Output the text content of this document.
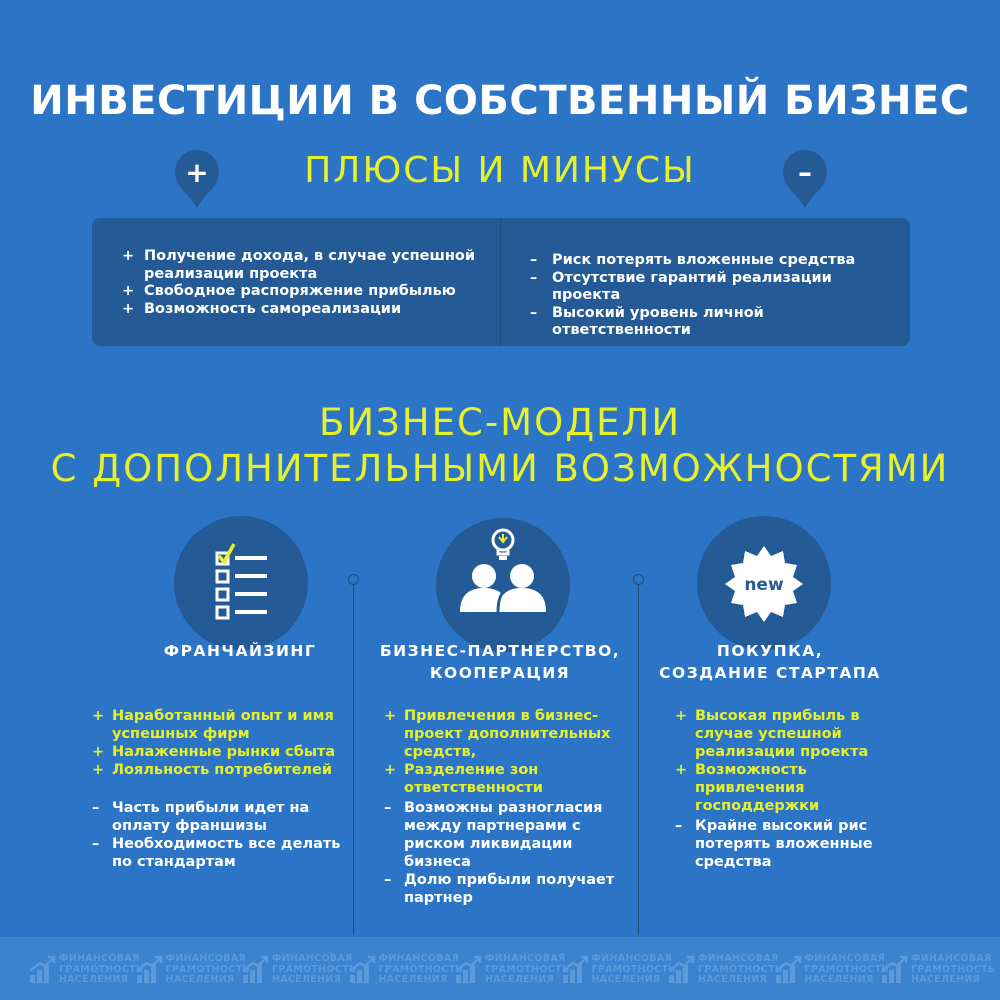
ИНВЕСТИЦИИ В СОБСТВЕННЫЙ БИЗНЕС
+	ПЛЮСЫ И МИНУСЫ	–
+ Получение дохода, в случае успешной реализации проекта
+ Свободное распоряжение прибылью
+ Возможность самореализации
–	Риск потерять вложенные средства
–	Отсутствие гарантий реализации проекта
–	Высокий уровень личной ответственности
БИЗНЕС-МОДЕЛИ
С ДОПОЛНИТЕЛЬНЫМИ ВОЗМОЖНОСТЯМИ
new
ФРАНЧАЙЗИНГ	БИЗНЕС-ПАРТНЕРСТВО,
КООПЕРАЦИЯ
ПОКУПКА,
СОЗДАНИЕ СТАРТАПА
+ Наработанный опыт и имя успешных фирм
+ Налаженные рынки сбыта
+ Лояльность потребителей
– Часть прибыли идет на оплату франшизы
– Необходимость все делать по стандартам
+ Привлечения в бизнес-проект дополнительных средств,
+ Разделение зон ответственности
– Возможны разногласия между партнерами с риском ликвидации бизнеса
– Долю прибыли получает партнер
+ Высокая прибыль в случае успешной реализации проекта
+ Возможность привлечения господдержки
– Крайне высокий рис потерять вложенные средства
ФИНАНСОВАЯ
ГРАМОТНОСТЬ
НАСЕЛЕНИЯ
ФИНАНСОВАЯ
ГРАМОТНОСТЬ
НАСЕЛЕНИЯ
ФИНАНСОВАЯ
ГРАМОТНОСТЬ
НАСЕЛЕНИЯ
ФИНАНСОВАЯ
ГРАМОТНОСТЬ
НАСЕЛЕНИЯ
ФИНАНСОВАЯ
ГРАМОТНОСТЬ
НАСЕЛЕНИЯ
ФИНАНСОВАЯ
ГРАМОТНОСТЬ
НАСЕЛЕНИЯ
ФИНАНСОВАЯ
ГРАМОТНОСТЬ
НАСЕЛЕНИЯ
ФИНАНСОВАЯ
ГРАМОТНОСТЬ
НАСЕЛЕНИЯ
ФИНАНСОВАЯ
ГРАМОТНОСТЬ
НАСЕЛЕНИЯ
